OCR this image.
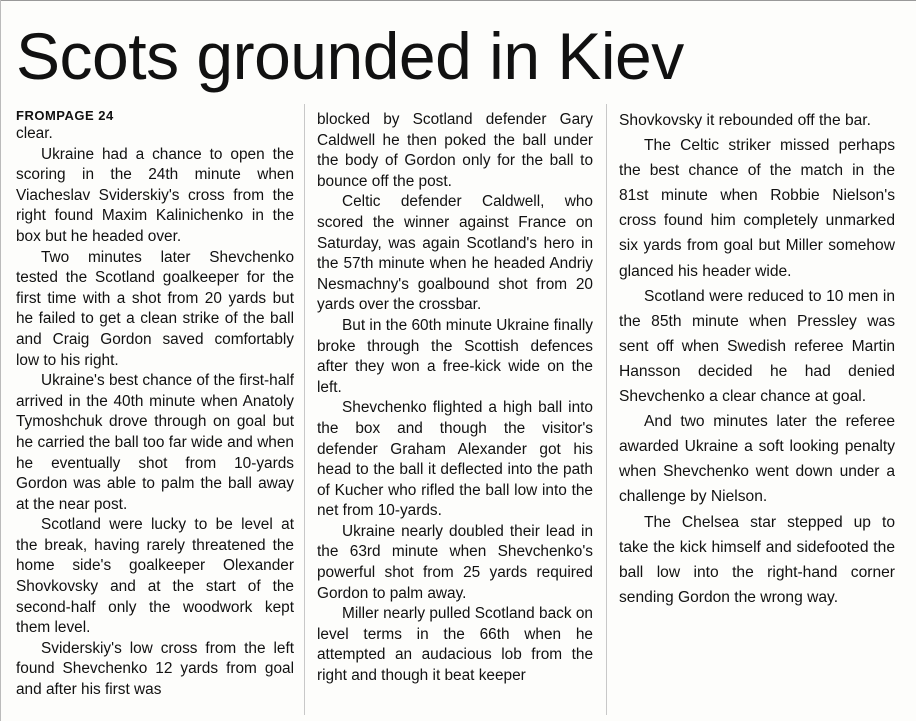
Scots grounded in Kiev
FROMPAGE 24

clear.

Ukraine had a chance to open the scoring in the 24th minute when Viacheslav Sviderskiy's cross from the right found Maxim Kalinichenko in the box but he headed over.

Two minutes later Shevchenko tested the Scotland goalkeeper for the first time with a shot from 20 yards but he failed to get a clean strike of the ball and Craig Gordon saved comfortably low to his right.

Ukraine's best chance of the first-half arrived in the 40th minute when Anatoly Tymoshchuk drove through on goal but he carried the ball too far wide and when he eventually shot from 10-yards Gordon was able to palm the ball away at the near post.

Scotland were lucky to be level at the break, having rarely threatened the home side's goalkeeper Olexander Shovkovsky and at the start of the second-half only the woodwork kept them level.

Sviderskiy's low cross from the left found Shevchenko 12 yards from goal and after his first was

blocked by Scotland defender Gary Caldwell he then poked the ball under the body of Gordon only for the ball to bounce off the post.

Celtic defender Caldwell, who scored the winner against France on Saturday, was again Scotland's hero in the 57th minute when he headed Andriy Nesmachny's goalbound shot from 20 yards over the crossbar.

But in the 60th minute Ukraine finally broke through the Scottish defences after they won a free-kick wide on the left.

Shevchenko flighted a high ball into the box and though the visitor's defender Graham Alexander got his head to the ball it deflected into the path of Kucher who rifled the ball low into the net from 10-yards.

Ukraine nearly doubled their lead in the 63rd minute when Shevchenko's powerful shot from 25 yards required Gordon to palm away.

Miller nearly pulled Scotland back on level terms in the 66th when he attempted an audacious lob from the right and though it beat keeper

Shovkovsky it rebounded off the bar.

The Celtic striker missed perhaps the best chance of the match in the 81st minute when Robbie Nielson's cross found him completely unmarked six yards from goal but Miller somehow glanced his header wide.

Scotland were reduced to 10 men in the 85th minute when Pressley was sent off when Swedish referee Martin Hansson decided he had denied Shevchenko a clear chance at goal.

And two minutes later the referee awarded Ukraine a soft looking penalty when Shevchenko went down under a challenge by Nielson.

The Chelsea star stepped up to take the kick himself and sidefooted the ball low into the right-hand corner sending Gordon the wrong way.
